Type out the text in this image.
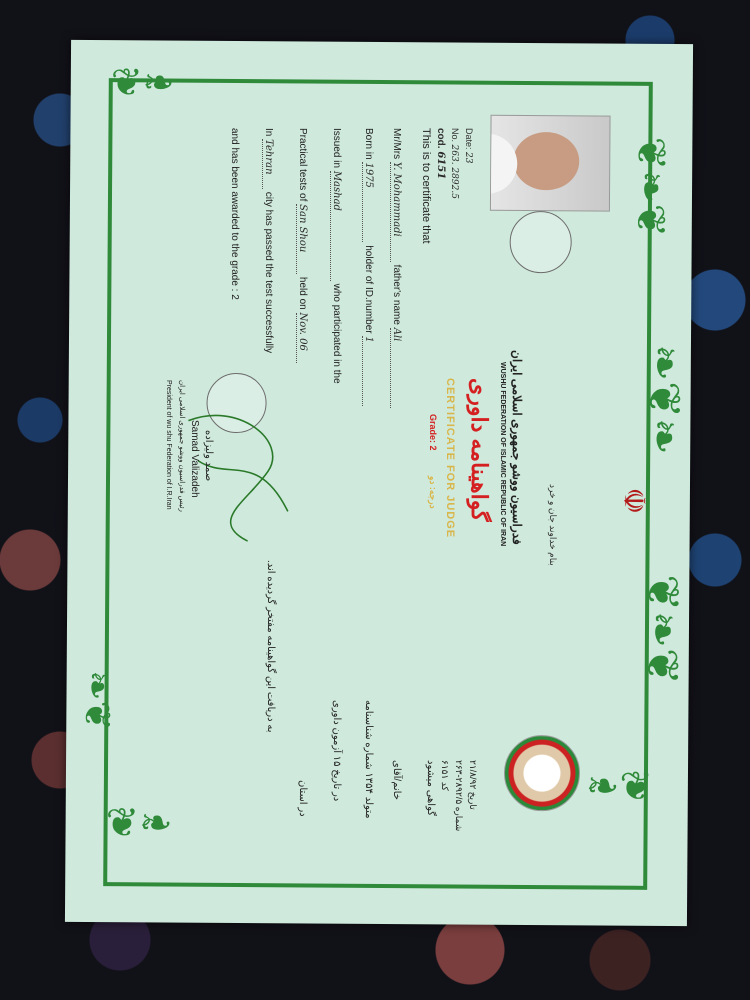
❦❧
❦❧❦
❧❦❧
❦❧❦
❧❦
❦❧
❧❦
☫
Date: 23
No. 263. 2892.5
cod. 6151
This is to certificate that
Mr/Mrs Y. Mohammadi father's name Ali
Born in 1975 holder of ID.number 1
Issued in Mashad who participated in the
Practical tests of San Shou held on Nov. 06
In Tehran city has passed the test successfully
and has been awarded to the grade : 2
صمد ولیزاده
Samad Valizadeh
رئیس فدراسیون ووشو جمهوری اسلامی ایران
President of wu shu Federation of I.R.Iran
بنام خداوند جان و خرد
فدراسیون ووشو جمهوری اسلامی ایران
WUSHU FEDERATION OF ISLAMIC REPUBLIC OF IRAN
گواهینامه داوری
CERTIFICATE FOR JUDGE
Grade: 2
درجه: دو
تاریخ ۲۱/۸/۹۲
شماره ۲۸۹۲/۵-۲۶۳
کد ۶۱۵۱
گواهی میشود
خانم/آقای
متولد ۱۳۵۴ شماره شناسنامه
در تاریخ ۱۵ آزمون داوری
در استان
به دریافت این گواهینامه مفتخر گردیده اند.
